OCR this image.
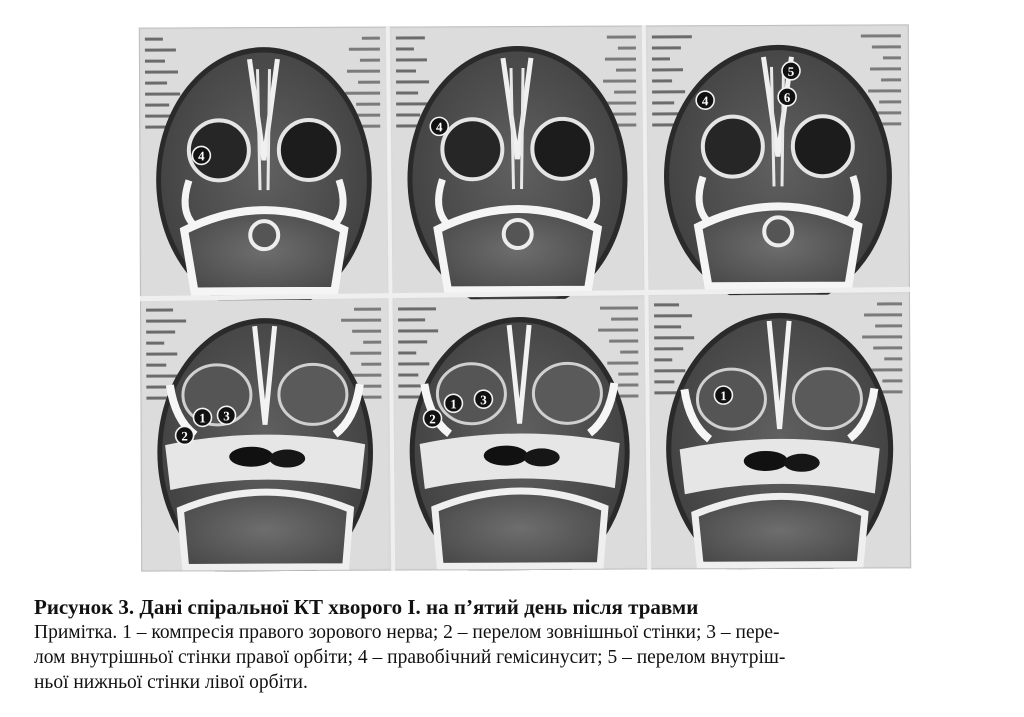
4
4
4
5
6
1 3
2
1 3
2
1
Рисунок 3. Дані спіральної КТ хворого І. на п’ятий день після травми
Примітка. 1 – компресія правого зорового нерва; 2 – перелом зовнішньої стінки; 3 – пере-
лом внутрішньої стінки правої орбіти; 4 – правобічний гемісинусит; 5 – перелом внутріш-
ньої нижньої стінки лівої орбіти.
